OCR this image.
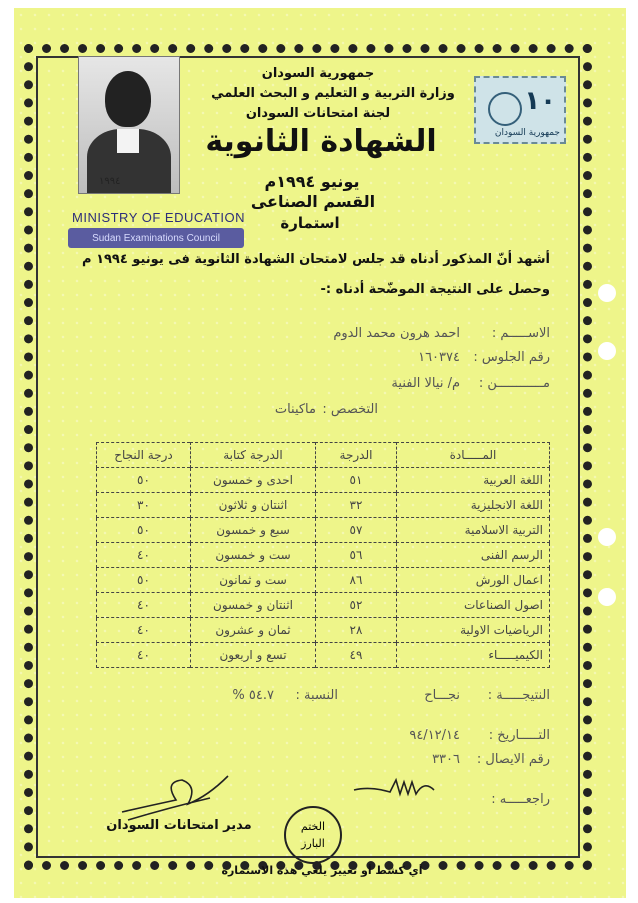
١٩٩٤
١٠
جمهورية السودان
جمهورية السودان
وزارة التربية و التعليم و البحث العلمي
لجنة امتحانات السودان
الشهادة الثانوية
يونيو ١٩٩٤م
القسم الصناعى
استمارة
MINISTRY OF EDUCATION
Sudan Examinations Council
أشهد أنّ المذكور أدناه قد جلس لامتحان الشهادة الثانوية فى يونيو ١٩٩٤ م
وحصل على النتيجة الموضّحة أدناه :-
الاســـــم :
احمد هرون محمد الدوم
رقم الجلوس :
١٦٠٣٧٤
مــــــــــــن :
م/ نيالا الفنية
التخصص :
ماكينات
المـــــادة	الدرجة	الدرجة كتابة	درجة النجاح
اللغة العربية	٥١	احدى و خمسون	٥٠
اللغة الانجليزية	٣٢	اثنتان و ثلاثون	٣٠
التربية الاسلامية	٥٧	سبع و خمسون	٥٠
الرسم الفنى	٥٦	ست و خمسون	٤٠
اعمال الورش	٨٦	ست و ثمانون	٥٠
اصول الصناعات	٥٢	اثنتان و خمسون	٤٠
الرياضيات الاولية	٢٨	ثمان و عشرون	٤٠
الكيميـــــاء	٤٩	تسع و اربعون	٤٠
النتيجـــــة :
نجـــاح
النسبة :
٥٤.٧ %
التـــــاريخ :
٩٤/١٢/١٤
رقم الايصال :
٣٣٠٦
راجعـــــه :
مدير امتحانات السودان	الختم البارز
أي كشط أو تغيير يلغي هذه الاستمارة
